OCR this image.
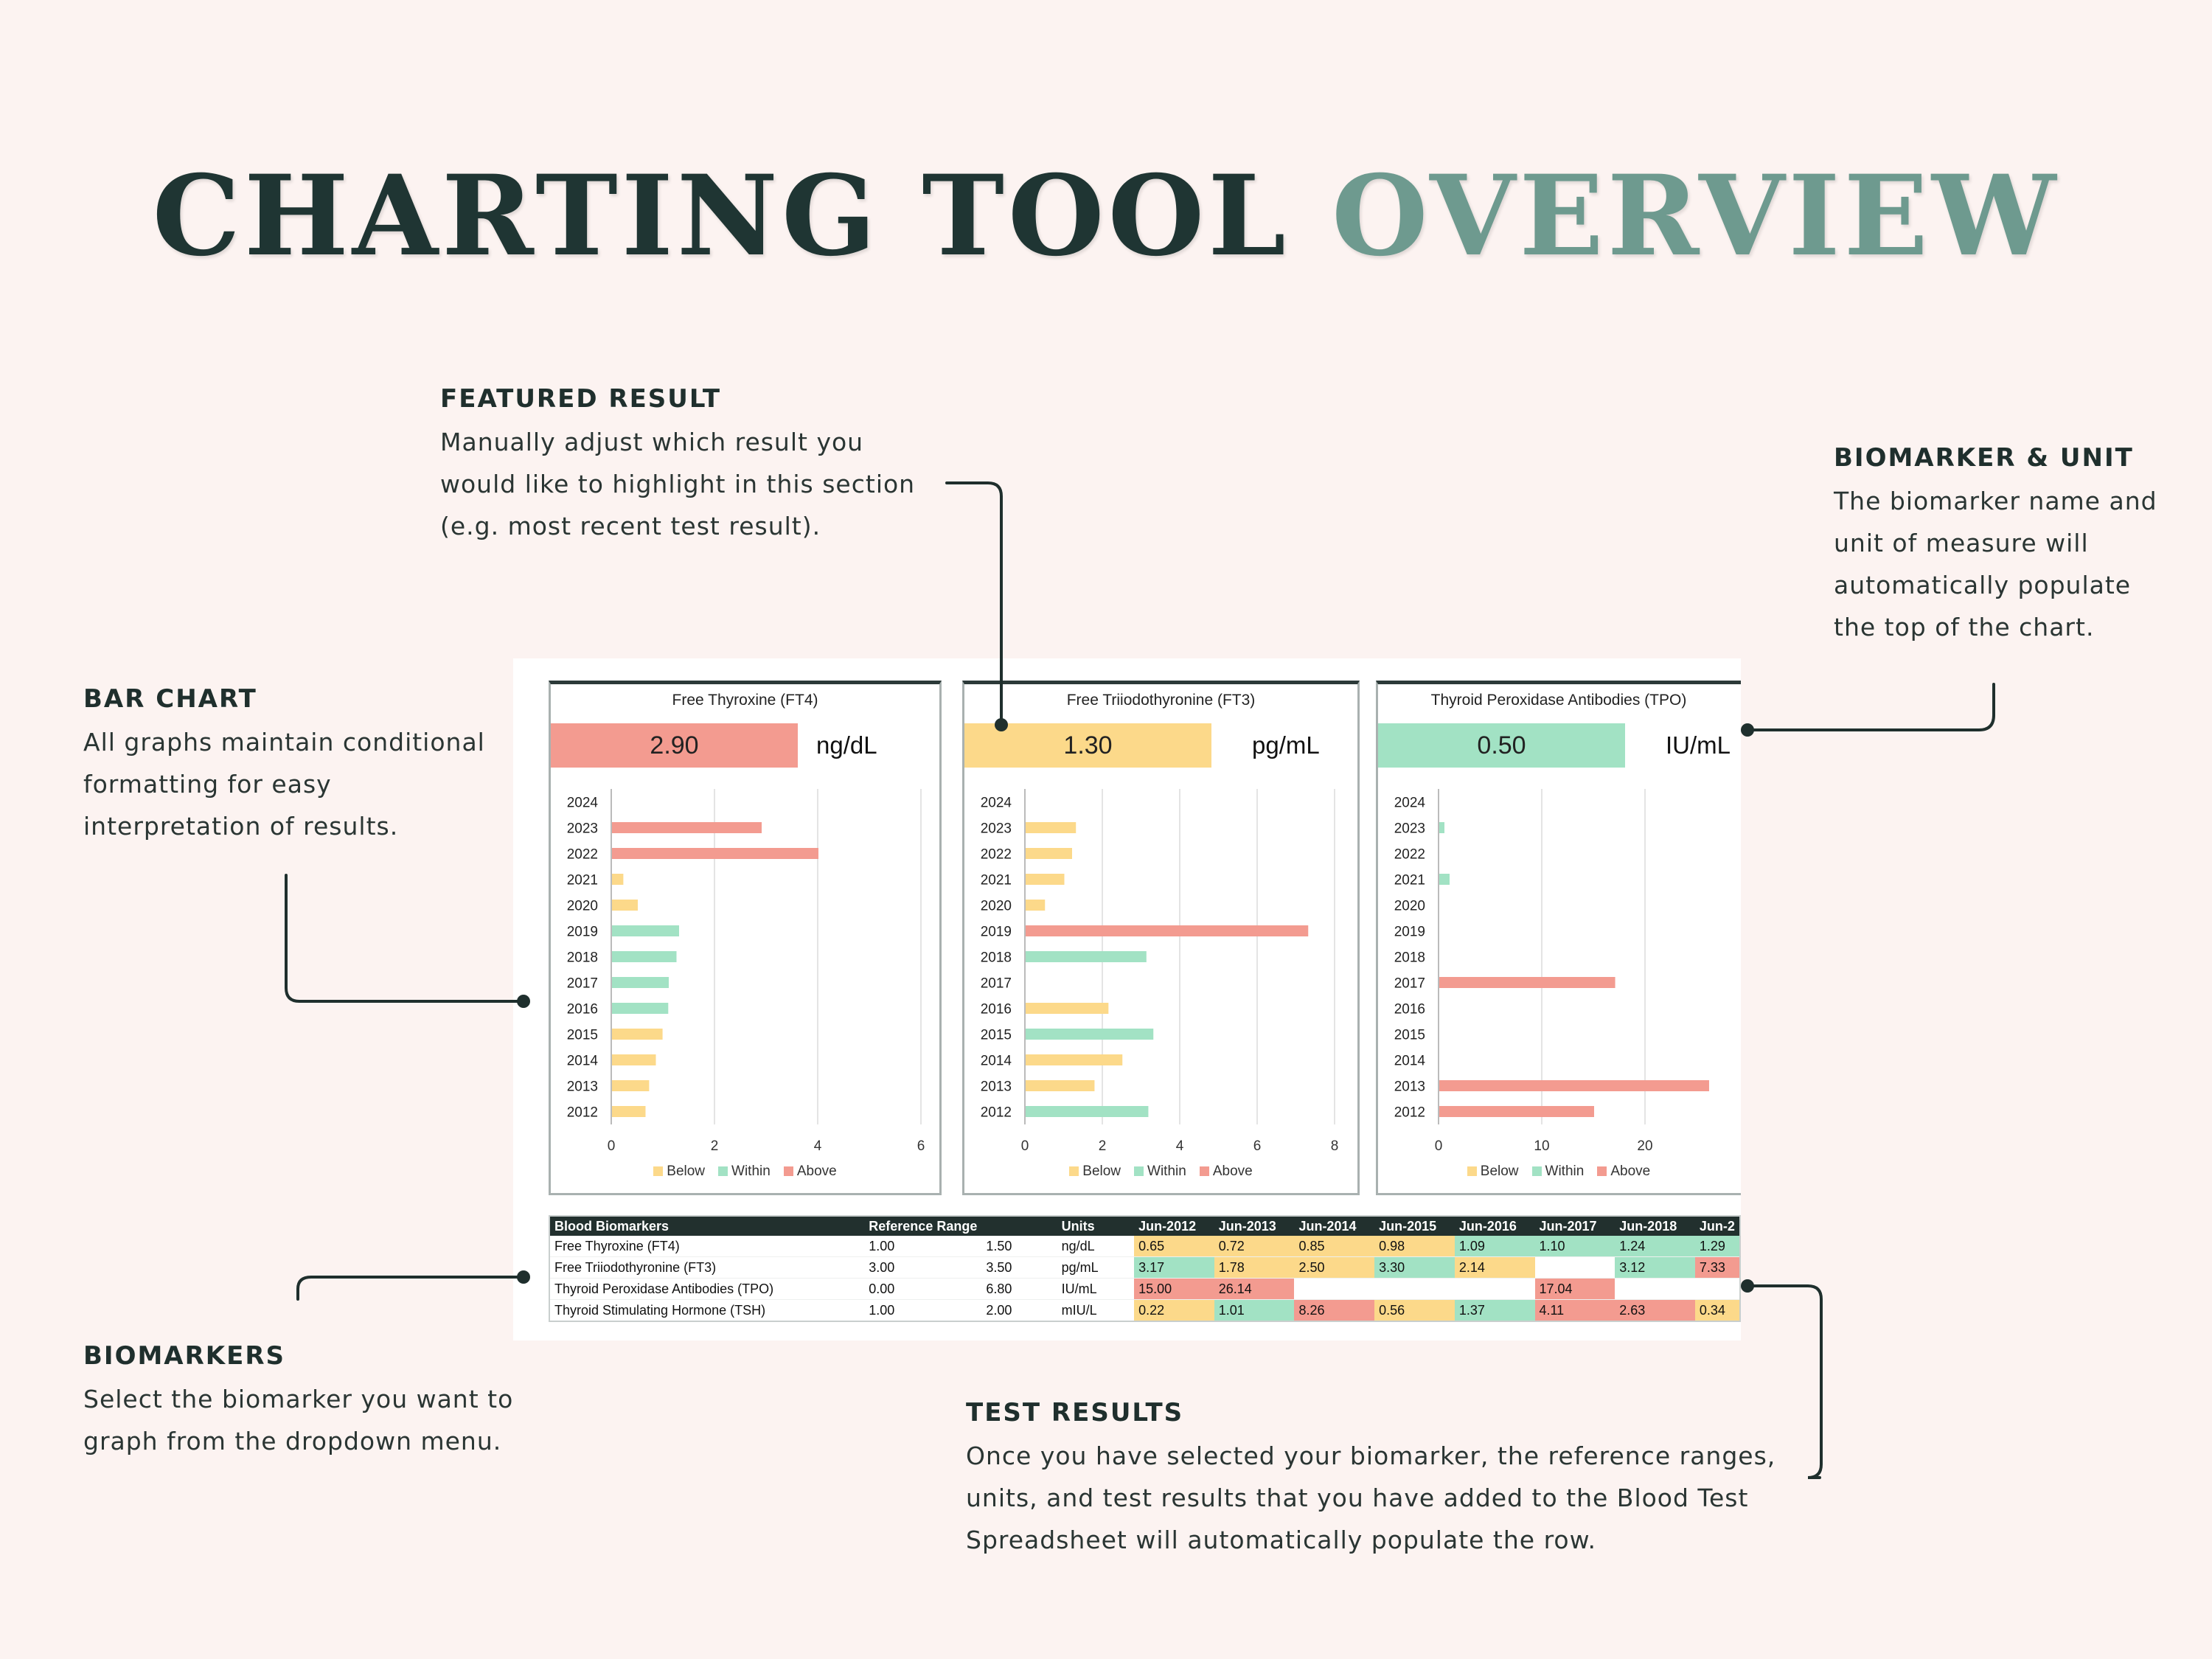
CHARTING TOOL OVERVIEW
FEATURED RESULT

Manually adjust which result you
would like to highlight in this section
(e.g. most recent test result).

BIOMARKER & UNIT

The biomarker name and
unit of measure will
automatically populate
the top of the chart.

BAR CHART

All graphs maintain conditional
formatting for easy
interpretation of results.

BIOMARKERS

Select the biomarker you want to
graph from the dropdown menu.

TEST RESULTS

Once you have selected your biomarker, the reference ranges,
units, and test results that you have added to the Blood Test
Spreadsheet will automatically populate the row.

Free Thyroxine (FT4)
2.90	ng/dL
0	2	4	6
2024
2023
2022
2021
2020
2019
2018
2017
2016
2015
2014
2013
2012
Below	Within	Above
Free Triiodothyronine (FT3)
1.30	pg/mL
0	2	4	6	8
2024
2023
2022
2021
2020
2019
2018
2017
2016
2015
2014
2013
2012
Below	Within	Above
Thyroid Peroxidase Antibodies (TPO)
0.50	IU/mL
0	10	20	3
2024
2023
2022
2021
2020
2019
2018
2017
2016
2015
2014
2013
2012
Below	Within	Above
Blood Biomarkers	Reference Range		Units	Jun-2012	Jun-2013	Jun-2014	Jun-2015	Jun-2016	Jun-2017	Jun-2018	Jun-2
Free Thyroxine (FT4)	1.00	1.50	ng/dL	0.65	0.72	0.85	0.98	1.09	1.10	1.24	1.29
Free Triiodothyronine (FT3)	3.00	3.50	pg/mL	3.17	1.78	2.50	3.30	2.14		3.12	7.33
Thyroid Peroxidase Antibodies (TPO)	0.00	6.80	IU/mL	15.00	26.14				17.04		
Thyroid Stimulating Hormone (TSH)	1.00	2.00	mIU/L	0.22	1.01	8.26	0.56	1.37	4.11	2.63	0.34
